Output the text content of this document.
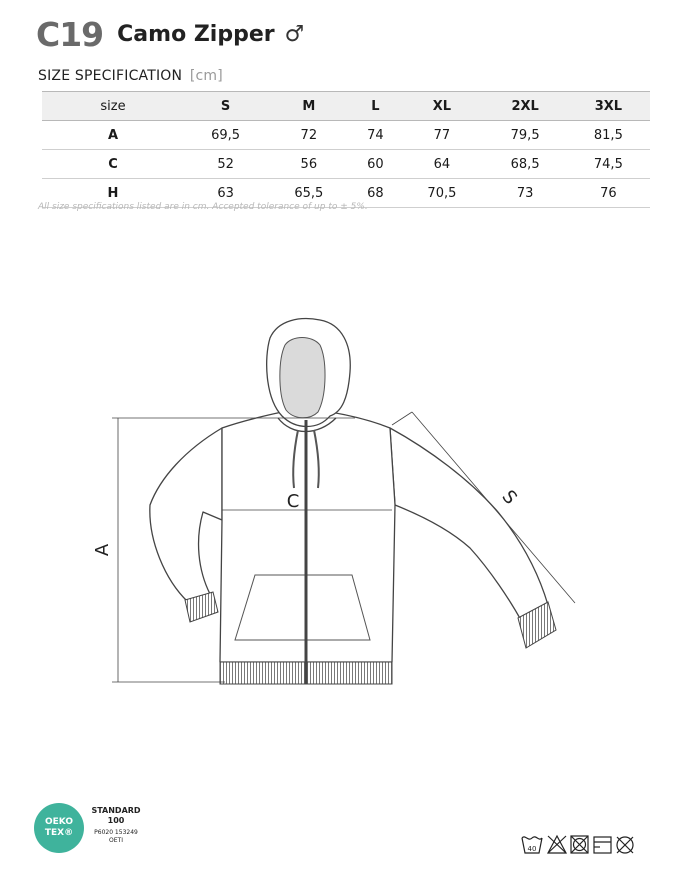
C19 Camo Zipper ♂
SIZE SPECIFICATION [cm]
size	S	M	L	XL	2XL	3XL
A	69,5	72	74	77	79,5	81,5
C	52	56	60	64	68,5	74,5
H	63	65,5	68	70,5	73	76
All size specifications listed are in cm. Accepted tolerance of up to ± 5%.
A
C	S
OEKO
TEX®
STANDARD
100
P6020 153249
OETI
40
